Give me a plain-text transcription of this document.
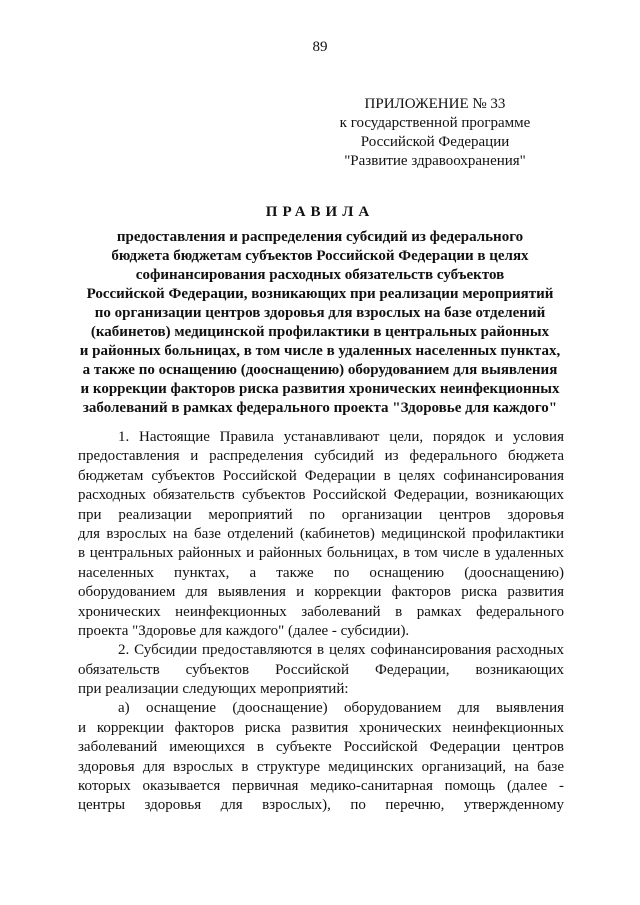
89
ПРИЛОЖЕНИЕ № 33
к государственной программе
Российской Федерации
"Развитие здравоохранения"
ПРАВИЛА
предоставления и распределения субсидий из федерального
бюджета бюджетам субъектов Российской Федерации в целях
софинансирования расходных обязательств субъектов
Российской Федерации, возникающих при реализации мероприятий
по организации центров здоровья для взрослых на базе отделений
(кабинетов) медицинской профилактики в центральных районных
и районных больницах, в том числе в удаленных населенных пунктах,
а также по оснащению (дооснащению) оборудованием для выявления
и коррекции факторов риска развития хронических неинфекционных
заболеваний в рамках федерального проекта "Здоровье для каждого"
1. Настоящие Правила устанавливают цели, порядок и условия
предоставления и распределения субсидий из федерального бюджета
бюджетам субъектов Российской Федерации в целях софинансирования
расходных обязательств субъектов Российской Федерации, возникающих
при реализации мероприятий по организации центров здоровья
для взрослых на базе отделений (кабинетов) медицинской профилактики
в центральных районных и районных больницах, в том числе в удаленных
населенных пунктах, а также по оснащению (дооснащению)
оборудованием для выявления и коррекции факторов риска развития
хронических неинфекционных заболеваний в рамках федерального
проекта "Здоровье для каждого" (далее - субсидии).
2. Субсидии предоставляются в целях софинансирования расходных
обязательств субъектов Российской Федерации, возникающих
при реализации следующих мероприятий:
а) оснащение (дооснащение) оборудованием для выявления
и коррекции факторов риска развития хронических неинфекционных
заболеваний имеющихся в субъекте Российской Федерации центров
здоровья для взрослых в структуре медицинских организаций, на базе
которых оказывается первичная медико-санитарная помощь (далее -
центры здоровья для взрослых), по перечню, утвержденному
